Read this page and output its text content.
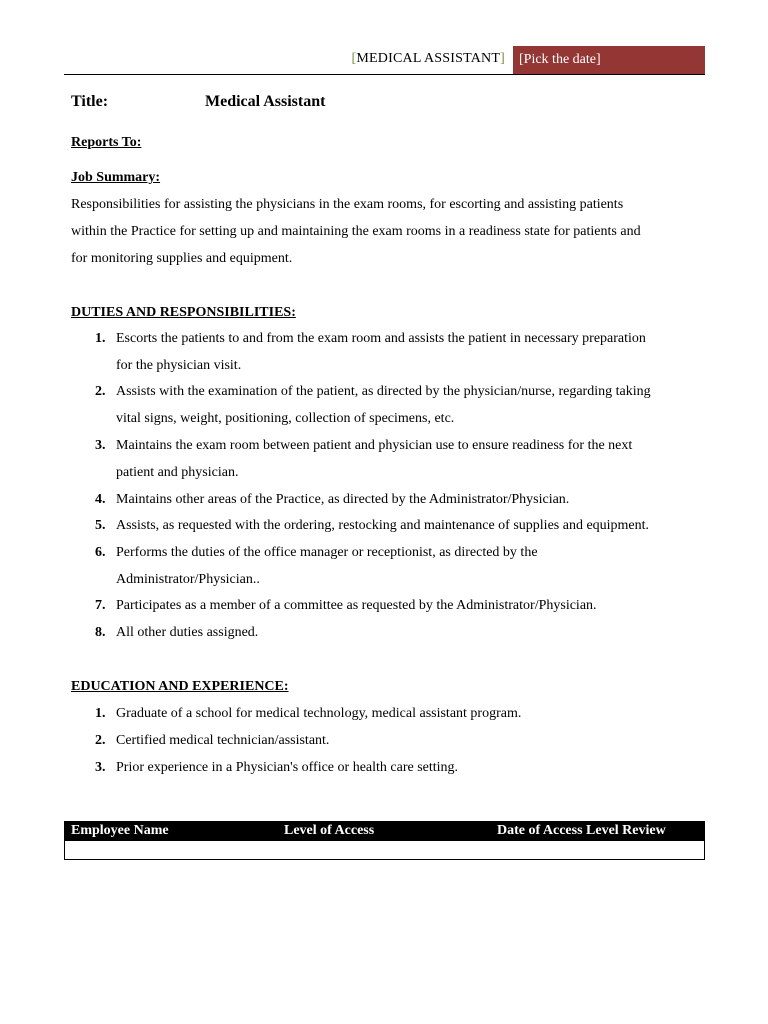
[MEDICAL ASSISTANT]	[Pick the date]
Title:	Medical Assistant
Reports To:
Job Summary:
Responsibilities for assisting the physicians in the exam rooms, for escorting and assisting patients
within the Practice for setting up and maintaining the exam rooms in a readiness state for patients and
for monitoring supplies and equipment.
DUTIES AND RESPONSIBILITIES:
1. Escorts the patients to and from the exam room and assists the patient in necessary preparation
for the physician visit.
2. Assists with the examination of the patient, as directed by the physician/nurse, regarding taking
vital signs, weight, positioning, collection of specimens, etc.
3. Maintains the exam room between patient and physician use to ensure readiness for the next
patient and physician.
4. Maintains other areas of the Practice, as directed by the Administrator/Physician.
5. Assists, as requested with the ordering, restocking and maintenance of supplies and equipment.
6. Performs the duties of the office manager or receptionist, as directed by the
Administrator/Physician..
7. Participates as a member of a committee as requested by the Administrator/Physician.
8. All other duties assigned.
EDUCATION AND EXPERIENCE:
1. Graduate of a school for medical technology, medical assistant program.
2. Certified medical technician/assistant.
3. Prior experience in a Physician's office or health care setting.
Employee Name	Level of Access	Date of Access Level Review
